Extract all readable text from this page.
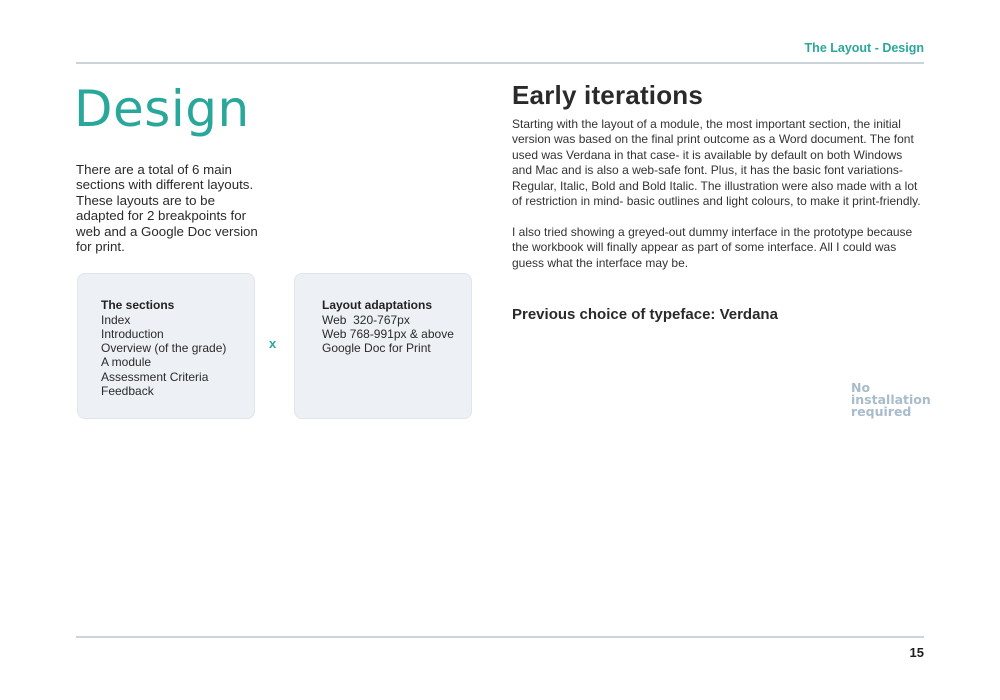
The Layout - Design
Design

There are a total of 6 main sections with different layouts. These layouts are to be adapted for 2 breakpoints for web and a Google Doc version for print.

The sections
Index
Introduction
Overview (of the grade)
A module
Assessment Criteria
Feedback
x
Layout adaptations
Web  320-767px
Web 768-991px & above
Google Doc for Print
Early iterations

Starting with the layout of a module, the most important section, the initial version was based on the final print outcome as a Word document. The font used was Verdana in that case- it is available by default on both Windows and Mac and is also a web-safe font. Plus, it has the basic font variations- Regular, Italic, Bold and Bold Italic. The illustration were also made with a lot of restriction in mind- basic outlines and light colours, to make it print-friendly.

I also tried showing a greyed-out dummy interface in the prototype because the workbook will finally appear as part of some interface. All I could was guess what the interface may be.

Previous choice of typeface: Verdana
No installation required
15
